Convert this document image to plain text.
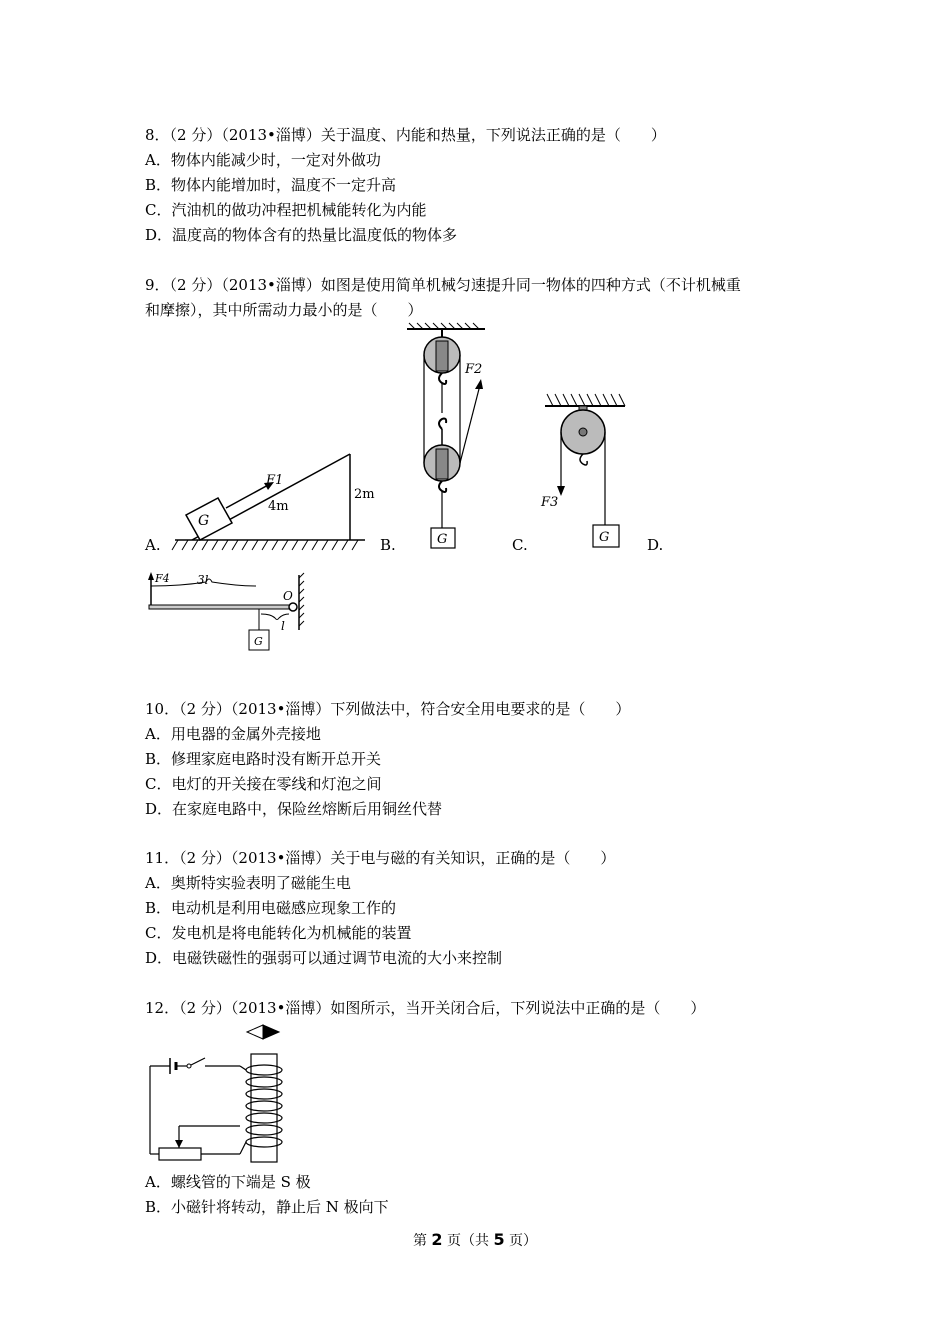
8．（2 分）（2013•淄博）关于温度、内能和热量，下列说法正确的是（　　）
A．物体内能减少时，一定对外做功
B．物体内能增加时，温度不一定升高
C．汽油机的做功冲程把机械能转化为内能
D．温度高的物体含有的热量比温度低的物体多
9．（2 分）（2013•淄博）如图是使用简单机械匀速提升同一物体的四种方式（不计机械重
和摩擦），其中所需动力最小的是（　　）
G
F1
4m
2m
A.
F2
G
B.
F3
G
C.	D.
F4 3l
O
l
G
10．（2 分）（2013•淄博）下列做法中，符合安全用电要求的是（　　）
A．用电器的金属外壳接地
B．修理家庭电路时没有断开总开关
C．电灯的开关接在零线和灯泡之间
D．在家庭电路中，保险丝熔断后用铜丝代替
11．（2 分）（2013•淄博）关于电与磁的有关知识，正确的是（　　）
A．奥斯特实验表明了磁能生电
B．电动机是利用电磁感应现象工作的
C．发电机是将电能转化为机械能的装置
D．电磁铁磁性的强弱可以通过调节电流的大小来控制
12．（2 分）（2013•淄博）如图所示，当开关闭合后，下列说法中正确的是（　　）
A．螺线管的下端是 S 极
B．小磁针将转动，静止后 N 极向下
第 2 页（共 5 页）
